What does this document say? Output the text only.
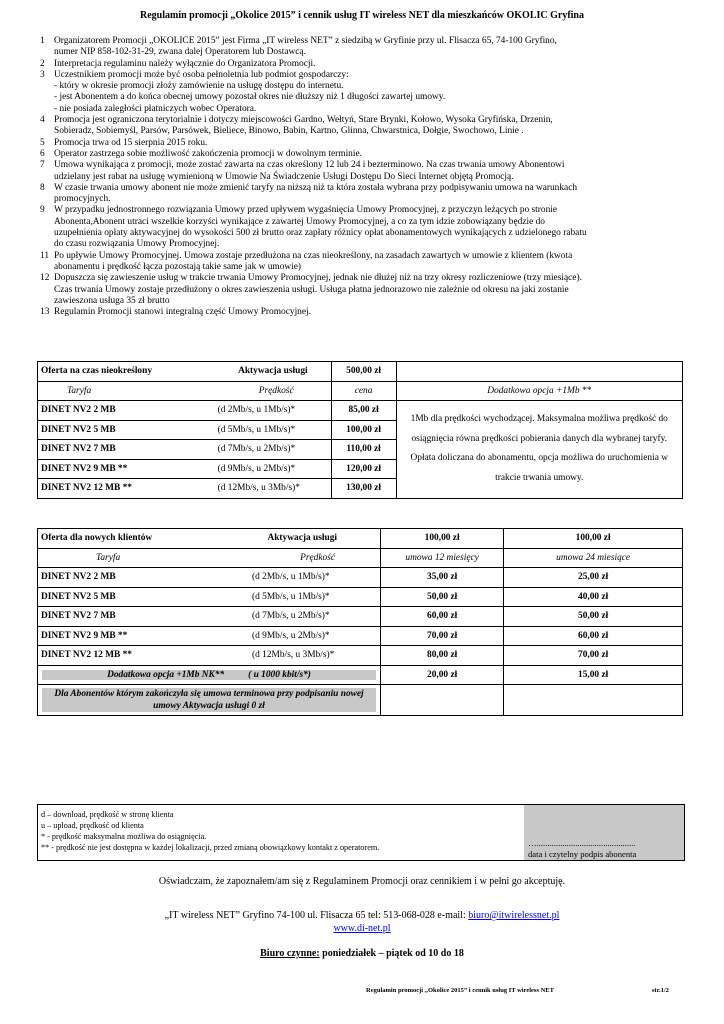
Regulamin promocji „Okolice 2015” i cennik usług IT wireless NET dla mieszkańców OKOLIC Gryfina
1 Organizatorem Promocji „OKOLICE 2015” jest Firma „IT wireless NET” z siedzibą w Gryfinie przy ul. Flisacza 65, 74-100 Gryfino,
numer NIP 858-102-31-29, zwana dalej Operatorem lub Dostawcą.
2 Interpretacja regulaminu należy wyłącznie do Organizatora Promocji.
3 Uczestnikiem promocji może być osoba pełnoletnia lub podmiot gospodarczy:
- który w okresie promocji złoży zamówienie na usługę dostępu do internetu.
- jest Abonentem a do końca obecnej umowy pozostał okres nie dłuższy niż 1 długości zawartej umowy.
- nie posiada zaległości płatniczych wobec Operatora.
4 Promocja jest ograniczona terytorialnie i dotyczy miejscowości Gardno, Wełtyń, Stare Brynki, Kołowo, Wysoka Gryfińska, Drzenin,
Sobieradz, Sobiemyśl, Parsów, Parsówek, Bieliece, Binowo, Babin, Kartno, Glinna, Chwarstnica, Dołgie, Swochowo, Linie .
5 Promocja trwa od 15 sierpnia 2015 roku.
6 Operator zastrzega sobie możliwość zakończenia promocji w dowolnym terminie.
7 Umowa wynikająca z promocji, może zostać zawarta na czas określony 12 lub 24 i bezterminowo. Na czas trwania umowy Abonentowi
udzielany jest rabat na usługę wymienioną w Umowie Na Świadczenie Usługi Dostępu Do Sieci Internet objętą Promocją.
8 W czasie trwania umowy abonent nie może zmienić taryfy na niższą niż ta która została wybrana przy podpisywaniu umowa na warunkach
promocyjnych.
9 W przypadku jednostronnego rozwiązania Umowy przed upływem wygaśnięcia Umowy Promocyjnej, z przyczyn leżących po stronie
Abonenta,Abonent utraci wszelkie korzyści wynikające z zawartej Umowy Promocyjnej, a co za tym idzie zobowiązany będzie do
uzupełnienia opłaty aktywacyjnej do wysokości 500 zł brutto oraz zapłaty różnicy opłat abonamentowych wynikających z udzielonego rabatu
do czasu rozwiązania Umowy Promocyjnej.
11 Po upływie Umowy Promocyjnej. Umowa zostaje przedłużona na czas nieokreślony, na zasadach zawartych w umowie z klientem (kwota
abonamentu i prędkość łącza pozostają takie same jak w umowie)
12 Dopuszcza się zawieszenie usług w trakcie trwania Umowy Promocyjnej, jednak nie dłużej niż na trzy okresy rozliczeniowe (trzy miesiące).
Czas trwania Umowy zostaje przedłużony o okres zawieszenia usługi. Usługa płatna jednorazowo nie zależnie od okresu na jaki zostanie
zawieszona usługa 35 zł brutto
13 Regulamin Promocji stanowi integralną część Umowy Promocyjnej.
Oferta na czas nieokreślony Aktywacja usługi	500,00 zł	

Taryfa Prędkość	cena	Dodatkowa opcja +1Mb **

DINET NV2 2 MB (d 2Mb/s, u 1Mb/s)*	85,00 zł	1Mb dla prędkości wychodzącej. Maksymalna możliwa prędkość do osiągnięcia równa prędkości pobierania danych dla wybranej taryfy. Opłata doliczana do abonamentu, opcja możliwa do uruchomienia w trakcie trwania umowy.

DINET NV2 5 MB (d 5Mb/s, u 1Mb/s)*	100,00 zł	

DINET NV2 7 MB (d 7Mb/s, u 2Mb/s)*	110,00 zł	

DINET NV2 9 MB ** (d 9Mb/s, u 2Mb/s)*	120,00 zł	

DINET NV2 12 MB ** (d 12Mb/s, u 3Mb/s)*	130,00 zł	
Oferta dla nowych klientów Aktywacja usługi	100,00 zł	100,00 zł

Taryfa Prędkość	umowa 12 miesięcy	umowa 24 miesiące

DINET NV2 2 MB (d 2Mb/s, u 1Mb/s)*	35,00 zł	25,00 zł

DINET NV2 5 MB (d 5Mb/s, u 1Mb/s)*	50,00 zł	40,00 zł

DINET NV2 7 MB (d 7Mb/s, u 2Mb/s)*	60,00 zł	50,00 zł

DINET NV2 9 MB ** (d 9Mb/s, u 2Mb/s)*	70,00 zł	60,00 zł

DINET NV2 12 MB ** (d 12Mb/s, u 3Mb/s)*	80,00 zł	70,00 zł

Dodatkowa opcja +1Mb NK** ( u 1000 kbit/s*)	20,00 zł	15,00 zł

Dla Abonentów którym zakończyła się umowa terminowa przy podpisaniu nowej umowy Aktywacja usługi 0 zł		

d – download, prędkość w stronę klienta
u – upload, prędkość od klienta
* - prędkość maksymalna możliwa do osiągnięcia.
** - prędkość nie jest dostępna w każdej lokalizacji, przed zmianą obowiązkowy kontakt z operatorem.	…..............................................
data i czytelny podpis abonenta
Oświadczam, że zapoznałem/am się z Regulaminem Promocji oraz cennikiem i w pełni go akceptuję.
„IT wireless NET” Gryfino 74-100 ul. Flisacza 65 tel: 513-068-028 e-mail: biuro@itwirelessnet.pl
www.di-net.pl
Biuro czynne: poniedziałek – piątek od 10 do 18
Regulamin promocji „Okolice 2015” i cennik usług IT wireless NET	str.1/2
